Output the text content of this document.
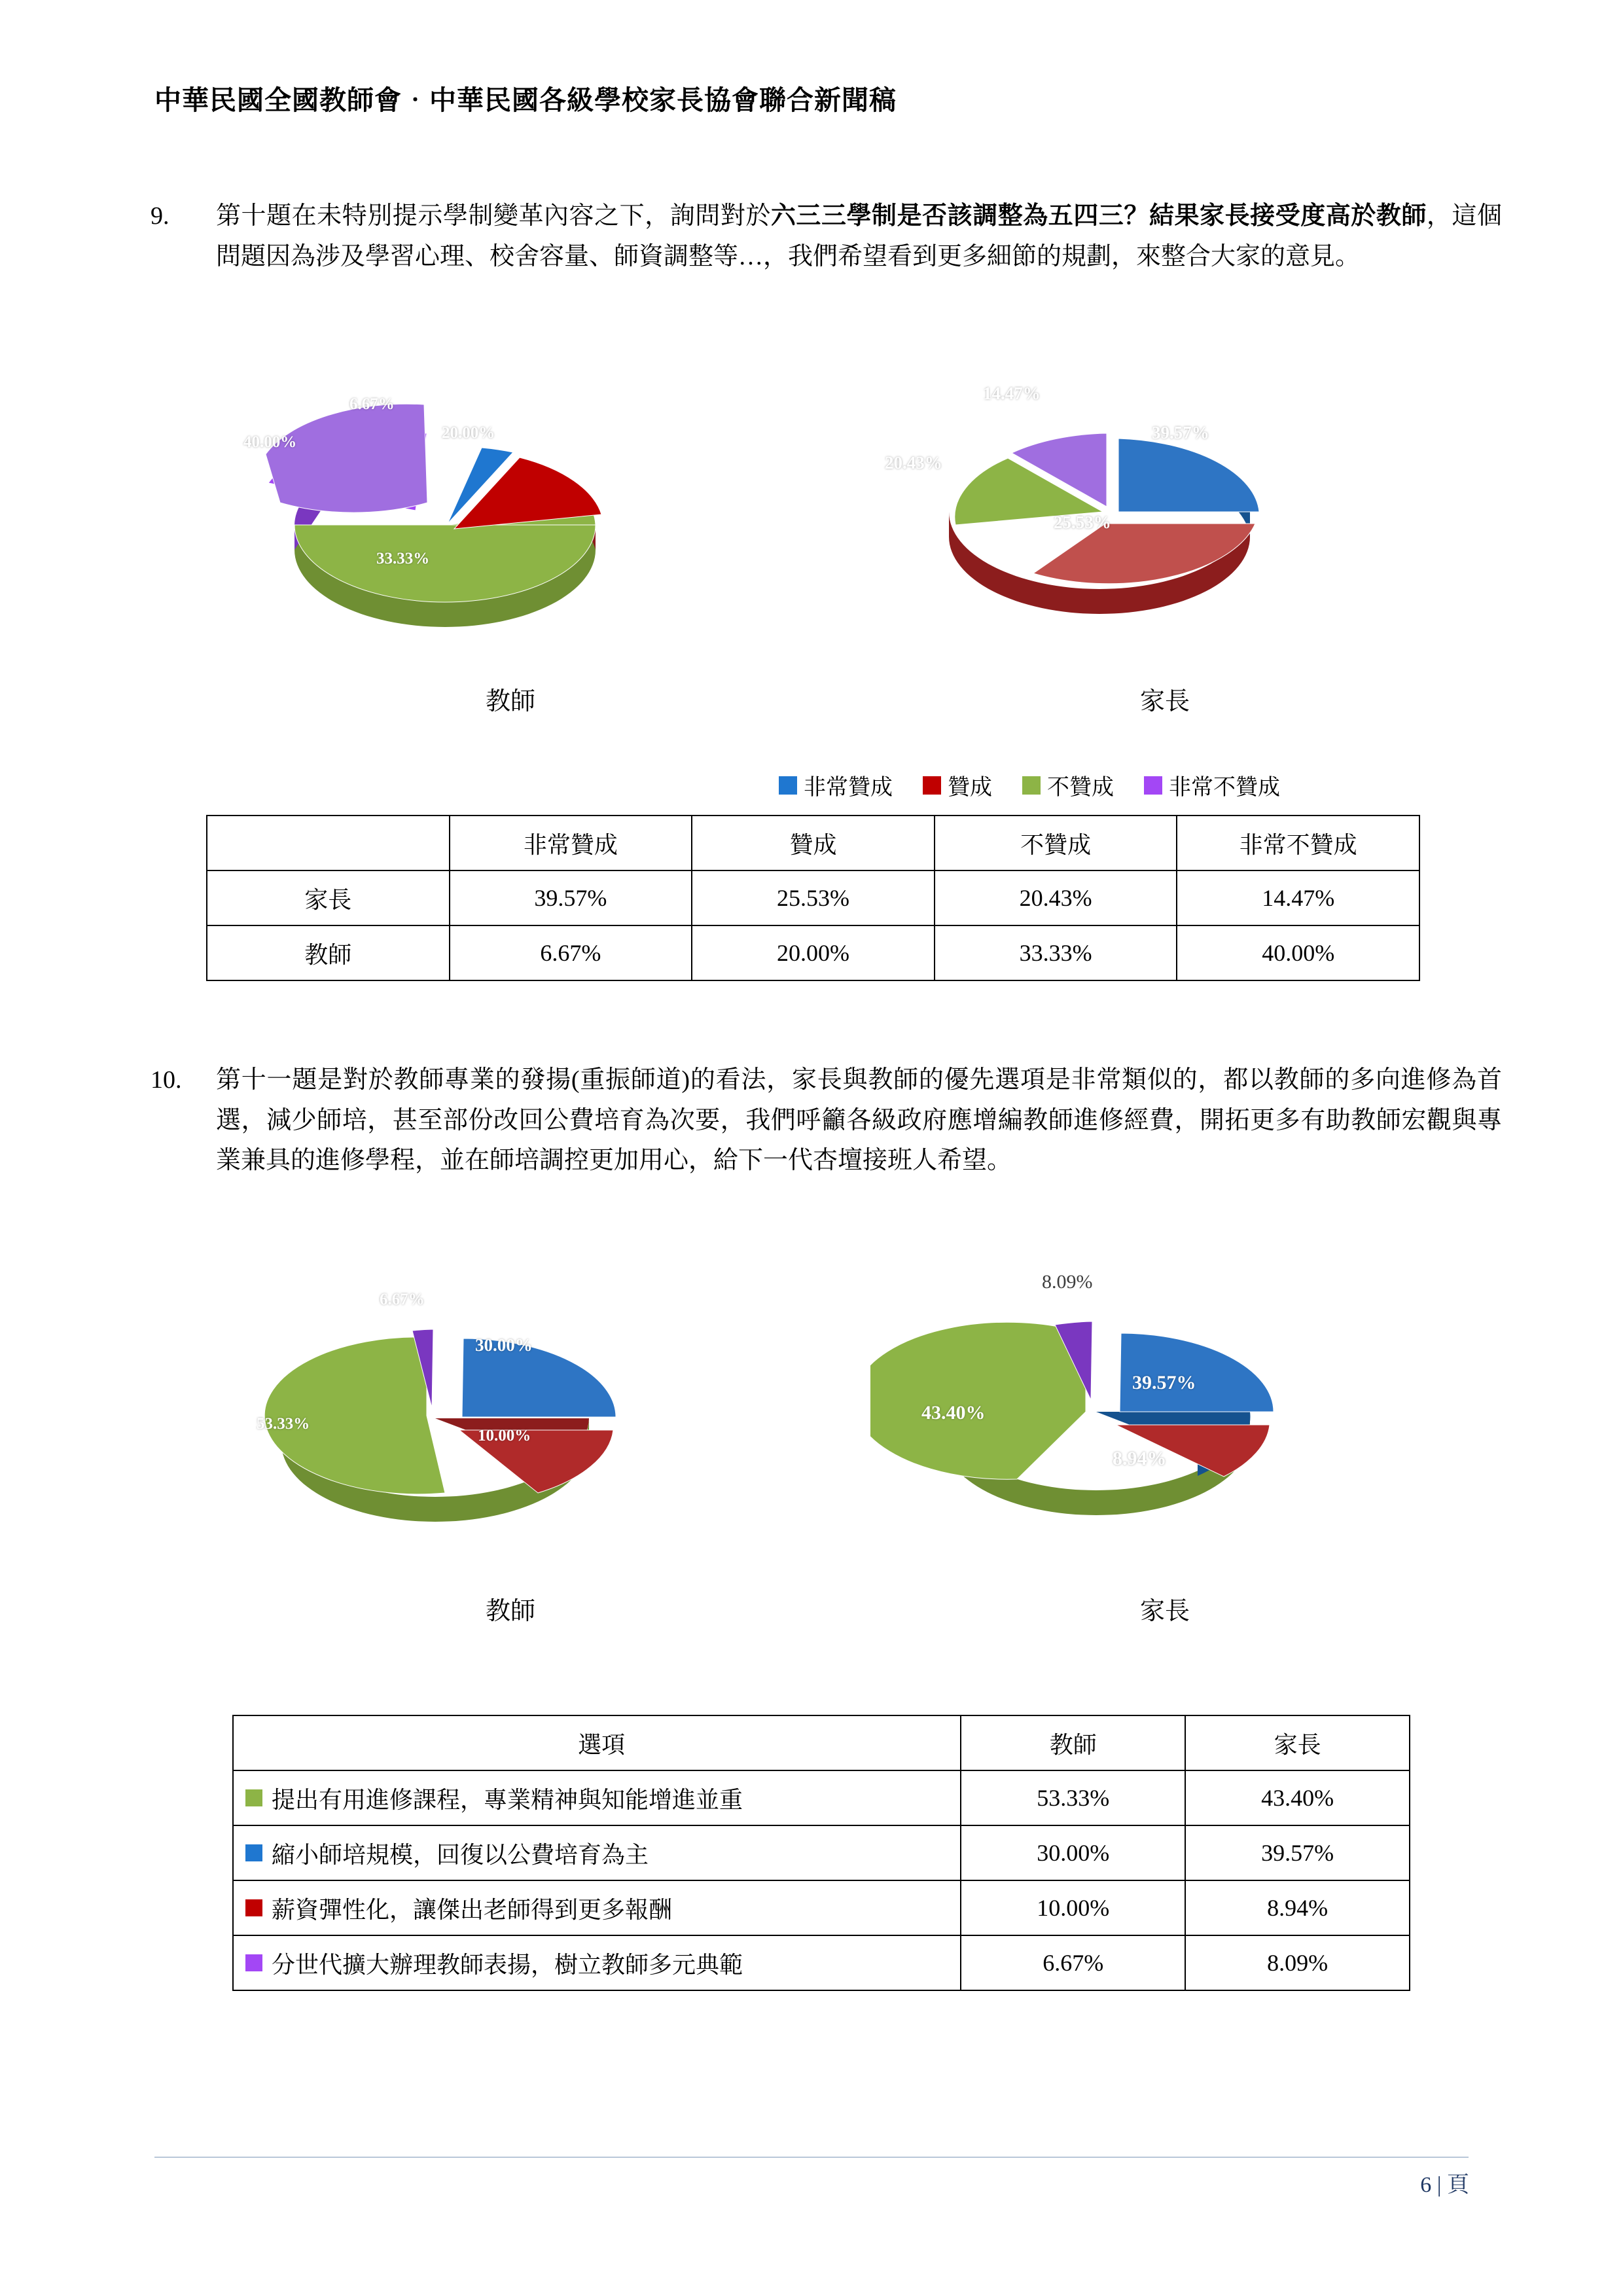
中華民國全國教師會‧中華民國各級學校家長協會聯合新聞稿
9.	第十題在未特別提示學制變革內容之下，詢問對於六三三學制是否該調整為五四三？結果家長接受度高於教師，這個問題因為涉及學習心理、校舍容量、師資調整等…，我們希望看到更多細節的規劃，來整合大家的意見。
6.67%
20.00%
33.33%
40.00%
教師
39.57%
25.53%
20.43%
14.47%
家長
非常贊成 贊成 不贊成 非常不贊成
	非常贊成	贊成	不贊成	非常不贊成
家長	39.57%	25.53%	20.43%	14.47%
教師	6.67%	20.00%	33.33%	40.00%
10.	第十一題是對於教師專業的發揚(重振師道)的看法，家長與教師的優先選項是非常類似的，都以教師的多向進修為首選，減少師培，甚至部份改回公費培育為次要，我們呼籲各級政府應增編教師進修經費，開拓更多有助教師宏觀與專業兼具的進修學程，並在師培調控更加用心，給下一代杏壇接班人希望。
53.33%
30.00%
10.00%
6.67%
教師
43.40%
39.57%
8.94%
8.09%
家長
選項	教師	家長

提出有用進修課程，專業精神與知能增進並重	53.33%	43.40%

縮小師培規模，回復以公費培育為主	30.00%	39.57%

薪資彈性化，讓傑出老師得到更多報酬	10.00%	8.94%

分世代擴大辦理教師表揚，樹立教師多元典範	6.67%	8.09%
6 | 頁
